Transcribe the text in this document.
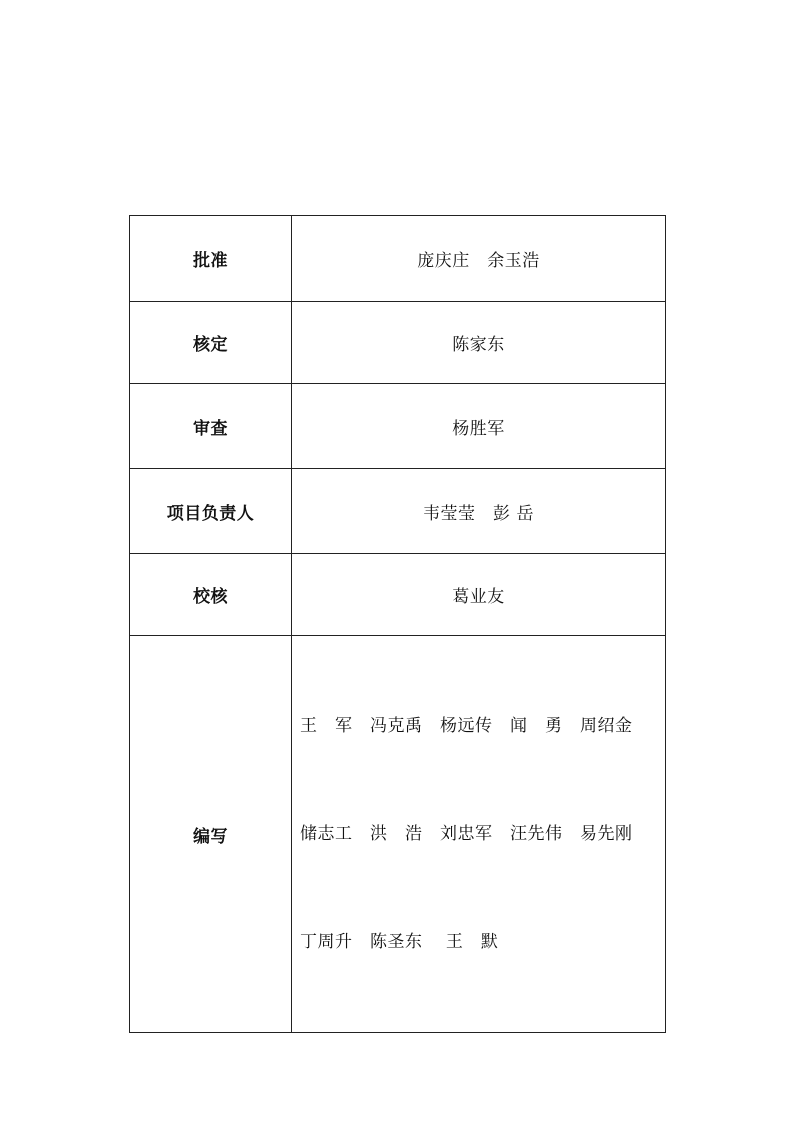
批准	庞庆庄　余玉浩
核定	陈家东
审查	杨胜军
项目负责人	韦莹莹　彭 岳
校核	葛业友
编写	王　军　冯克禹　杨远传　闻　勇　周绍金

储志工　洪　浩　刘忠军　汪先伟　易先刚

丁周升　陈圣东　 王　默
